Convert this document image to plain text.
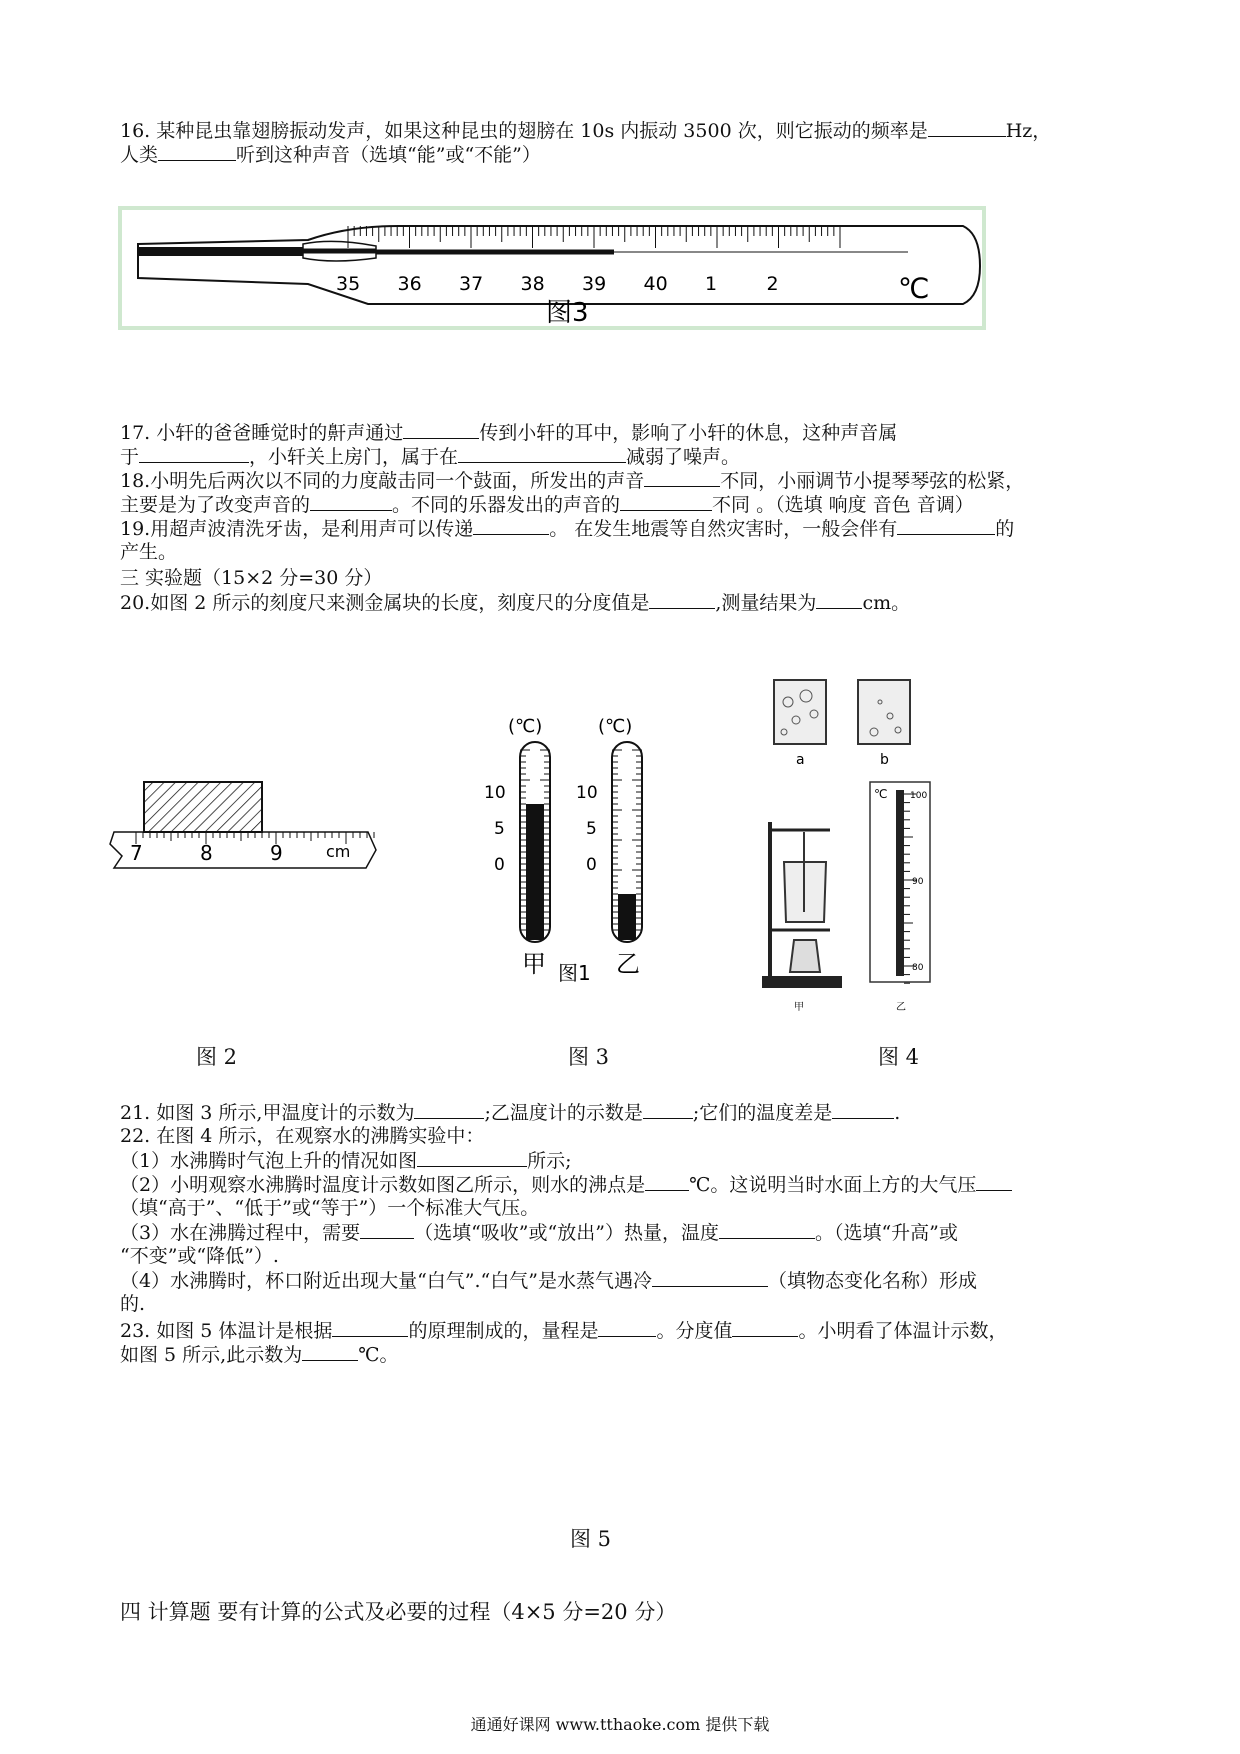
16. 某种昆虫靠翅膀振动发声，如果这种昆虫的翅膀在 10s 内振动 3500 次，则它振动的频率是	Hz，
人类	听到这种声音（选填“能”或“不能”）
35 36 37 38 39 40 1	2	℃
图3
17. 小轩的爸爸睡觉时的鼾声通过	传到小轩的耳中，影响了小轩的休息，这种声音属
于	，小轩关上房门，属于在	减弱了噪声。
18.小明先后两次以不同的力度敲击同一个鼓面，所发出的声音	不同，小丽调节小提琴琴弦的松紧，
主要是为了改变声音的	。不同的乐器发出的声音的	不同 。（选填 响度 音色 音调）
19.用超声波清洗牙齿，是利用声可以传递	。 在发生地震等自然灾害时，一般会伴有	的
产生。
三 实验题（15×2 分=30 分）
20.如图 2 所示的刻度尺来测金属块的长度，刻度尺的分度值是	,测量结果为 cm。
7	8	9	cm
(℃)	(℃)
10
5
0
10
5
0
甲	乙
图1
a	b
甲
℃	100
90
80
乙
图 2	图 3	图 4
21. 如图 3 所示,甲温度计的示数为	;乙温度计的示数是	;它们的温度差是	.
22. 在图 4 所示，在观察水的沸腾实验中：
（1）水沸腾时气泡上升的情况如图	所示;
（2）小明观察水沸腾时温度计示数如图乙所示，则水的沸点是 ℃。这说明当时水面上方的大气压
（填“高于”、“低于”或“等于”）一个标准大气压。
（3）水在沸腾过程中，需要	（选填“吸收”或“放出”）热量，温度	。（选填“升高”或
“不变”或“降低”）.
（4）水沸腾时，杯口附近出现大量“白气”.“白气”是水蒸气遇冷	（填物态变化名称）形成
的.
23. 如图 5 体温计是根据	的原理制成的，量程是	。分度值	。小明看了体温计示数，
如图 5 所示,此示数为	℃。
图 5
四 计算题 要有计算的公式及必要的过程（4×5 分=20 分）
通通好课网 www.tthaoke.com 提供下载
